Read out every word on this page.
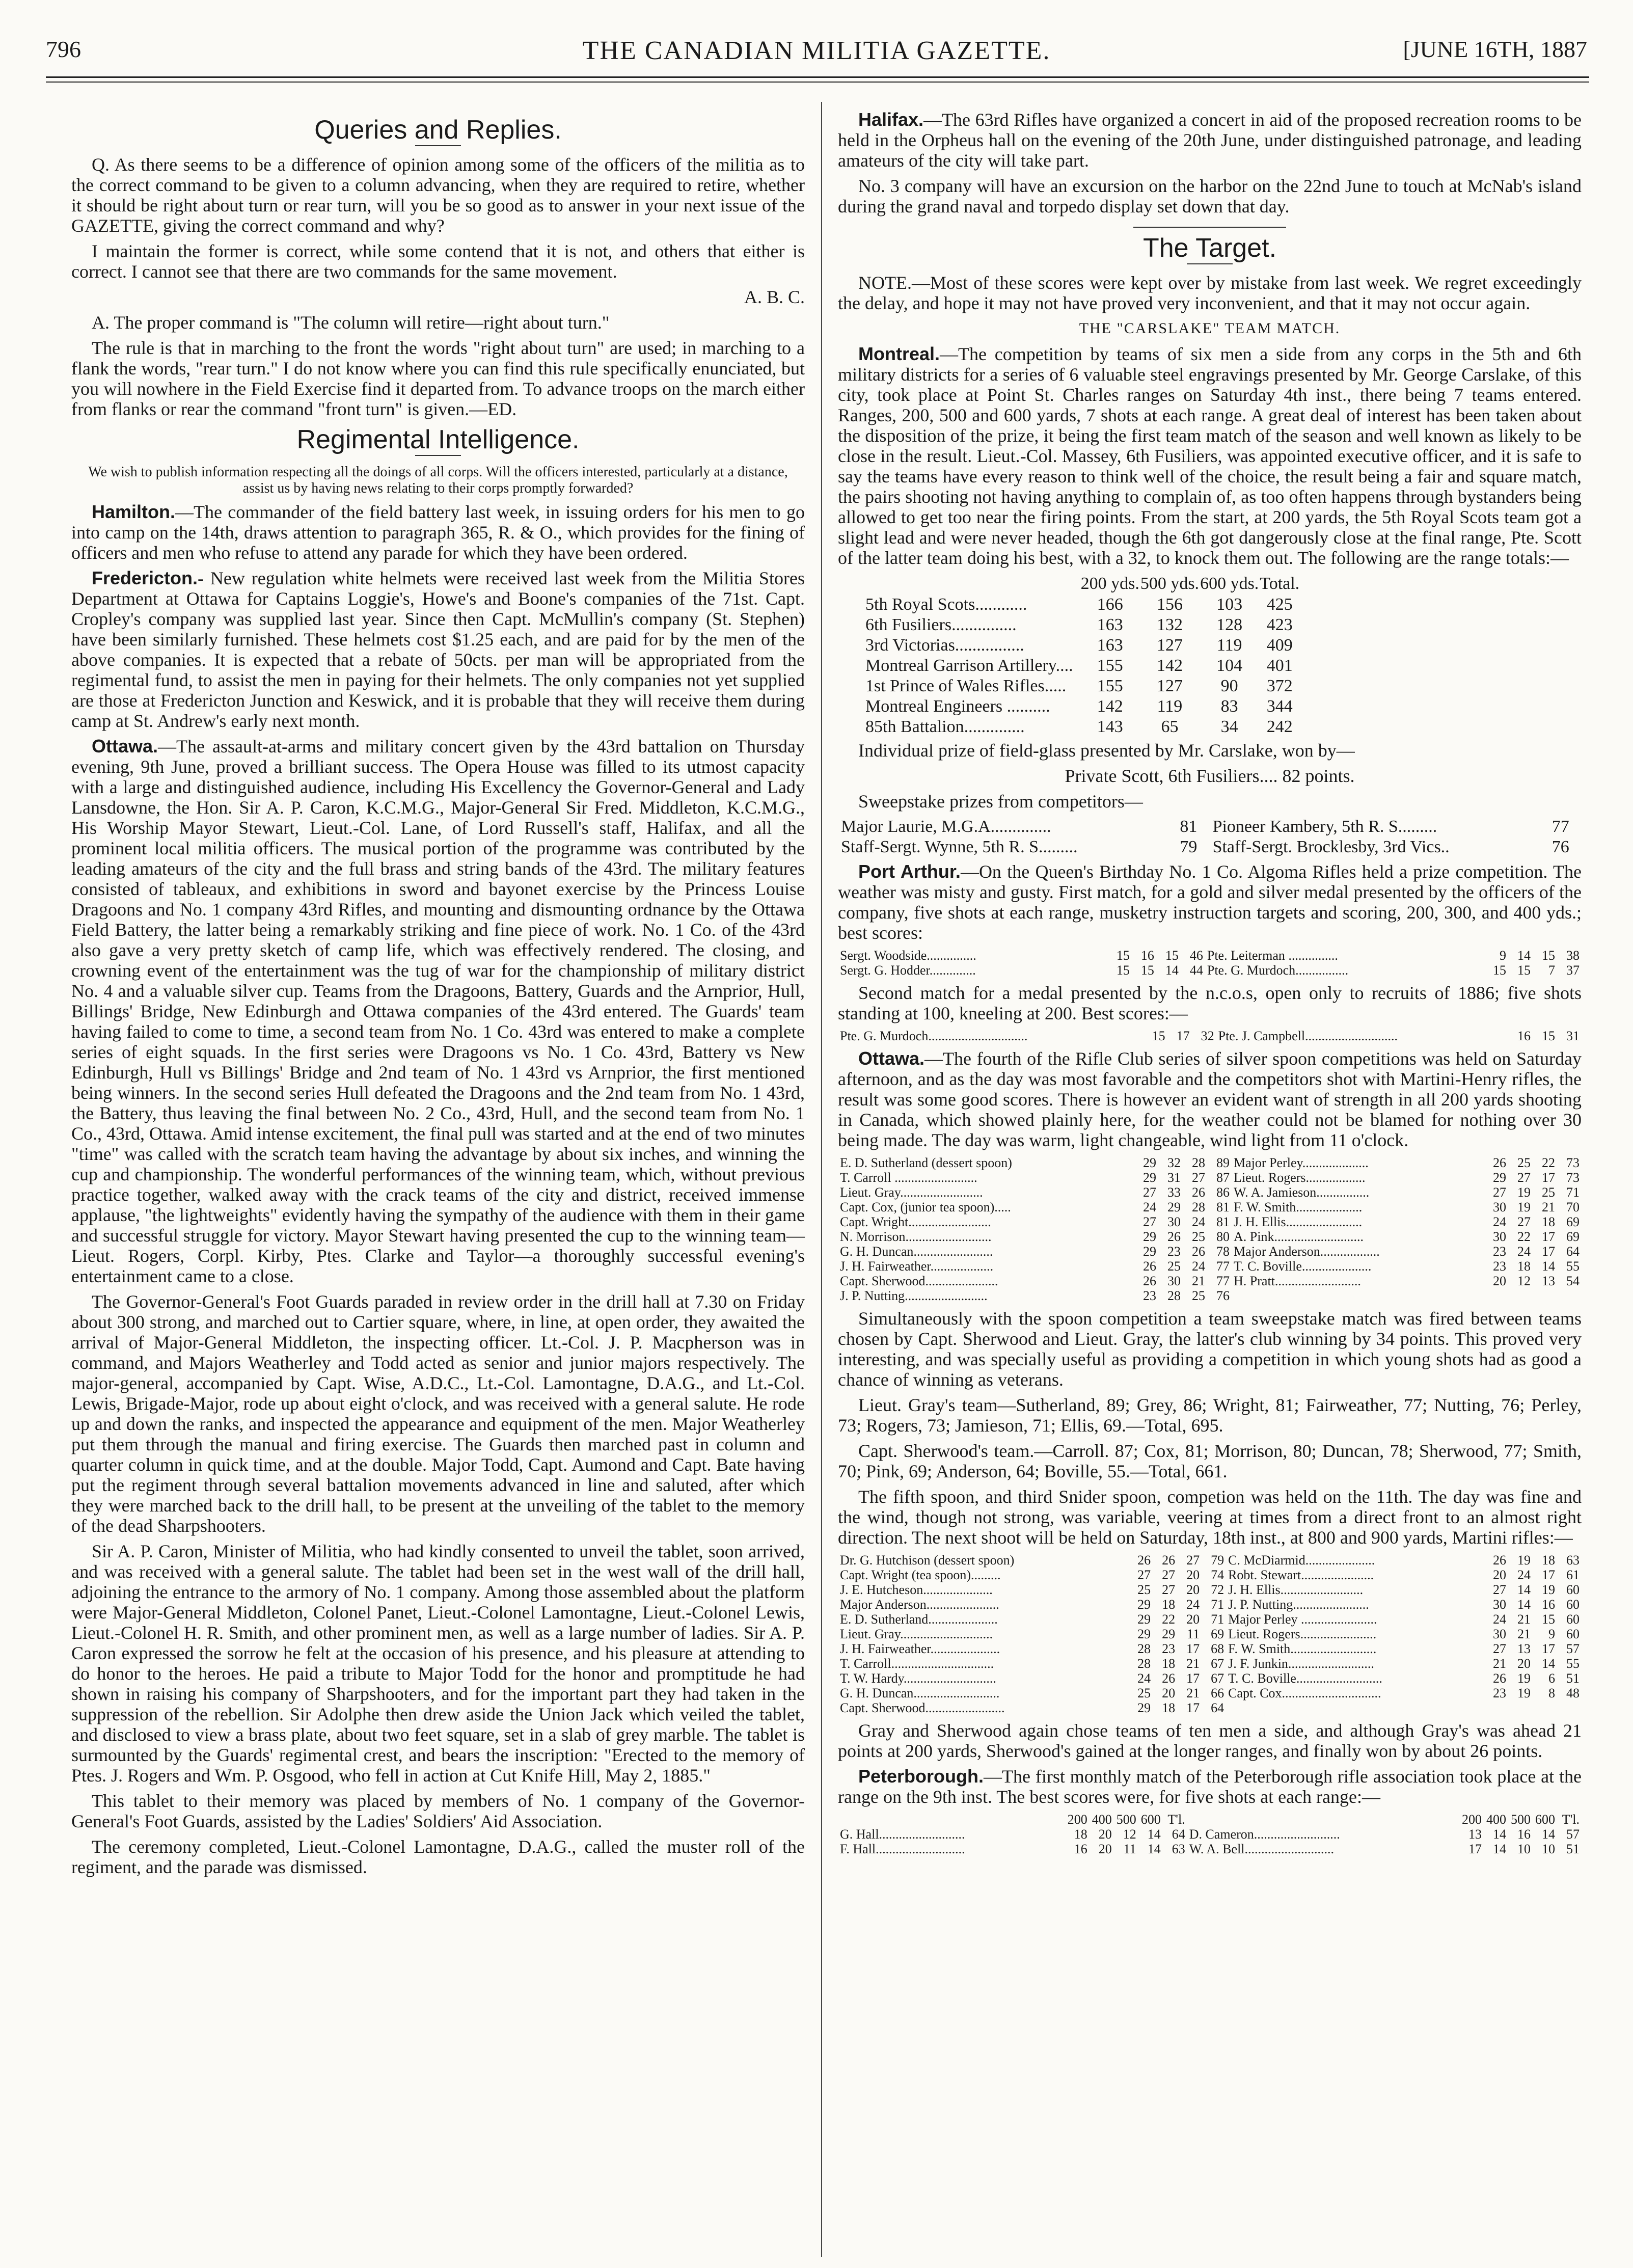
796	THE CANADIAN MILITIA GAZETTE.	[JUNE 16TH, 1887
Queries and Replies.

Q. As there seems to be a difference of opinion among some of the officers of the militia as to the correct command to be given to a column advancing, when they are required to retire, whether it should be right about turn or rear turn, will you be so good as to answer in your next issue of the GAZETTE, giving the correct command and why?

I maintain the former is correct, while some contend that it is not, and others that either is correct. I cannot see that there are two commands for the same movement.

A. B. C.

A. The proper command is "The column will retire—right about turn."

The rule is that in marching to the front the words "right about turn" are used; in marching to a flank the words, "rear turn." I do not know where you can find this rule specifically enunciated, but you will nowhere in the Field Exercise find it departed from. To advance troops on the march either from flanks or rear the command "front turn" is given.—ED.

Regimental Intelligence.

We wish to publish information respecting all the doings of all corps. Will the officers interested, particularly at a distance, assist us by having news relating to their corps promptly forwarded?

Hamilton.—The commander of the field battery last week, in issuing orders for his men to go into camp on the 14th, draws attention to paragraph 365, R. & O., which provides for the fining of officers and men who refuse to attend any parade for which they have been ordered.

Fredericton.- New regulation white helmets were received last week from the Militia Stores Department at Ottawa for Captains Loggie's, Howe's and Boone's companies of the 71st. Capt. Cropley's company was supplied last year. Since then Capt. McMullin's company (St. Stephen) have been similarly furnished. These helmets cost $1.25 each, and are paid for by the men of the above companies. It is expected that a rebate of 50cts. per man will be appropriated from the regimental fund, to assist the men in paying for their helmets. The only companies not yet supplied are those at Fredericton Junction and Keswick, and it is probable that they will receive them during camp at St. Andrew's early next month.

Ottawa.—The assault-at-arms and military concert given by the 43rd battalion on Thursday evening, 9th June, proved a brilliant success. The Opera House was filled to its utmost capacity with a large and distinguished audience, including His Excellency the Governor-General and Lady Lansdowne, the Hon. Sir A. P. Caron, K.C.M.G., Major-General Sir Fred. Middleton, K.C.M.G., His Worship Mayor Stewart, Lieut.-Col. Lane, of Lord Russell's staff, Halifax, and all the prominent local militia officers. The musical portion of the programme was contributed by the leading amateurs of the city and the full brass and string bands of the 43rd. The military features consisted of tableaux, and exhibitions in sword and bayonet exercise by the Princess Louise Dragoons and No. 1 company 43rd Rifles, and mounting and dismounting ordnance by the Ottawa Field Battery, the latter being a remarkably striking and fine piece of work. No. 1 Co. of the 43rd also gave a very pretty sketch of camp life, which was effectively rendered. The closing, and crowning event of the entertainment was the tug of war for the championship of military district No. 4 and a valuable silver cup. Teams from the Dragoons, Battery, Guards and the Arnprior, Hull, Billings' Bridge, New Edinburgh and Ottawa companies of the 43rd entered. The Guards' team having failed to come to time, a second team from No. 1 Co. 43rd was entered to make a complete series of eight squads. In the first series were Dragoons vs No. 1 Co. 43rd, Battery vs New Edinburgh, Hull vs Billings' Bridge and 2nd team of No. 1 43rd vs Arnprior, the first mentioned being winners. In the second series Hull defeated the Dragoons and the 2nd team from No. 1 43rd, the Battery, thus leaving the final between No. 2 Co., 43rd, Hull, and the second team from No. 1 Co., 43rd, Ottawa. Amid intense excitement, the final pull was started and at the end of two minutes "time" was called with the scratch team having the advantage by about six inches, and winning the cup and championship. The wonderful performances of the winning team, which, without previous practice together, walked away with the crack teams of the city and district, received immense applause, "the lightweights" evidently having the sympathy of the audience with them in their game and successful struggle for victory. Mayor Stewart having presented the cup to the winning team—Lieut. Rogers, Corpl. Kirby, Ptes. Clarke and Taylor—a thoroughly successful evening's entertainment came to a close.

The Governor-General's Foot Guards paraded in review order in the drill hall at 7.30 on Friday about 300 strong, and marched out to Cartier square, where, in line, at open order, they awaited the arrival of Major-General Middleton, the inspecting officer. Lt.-Col. J. P. Macpherson was in command, and Majors Weatherley and Todd acted as senior and junior majors respectively. The major-general, accompanied by Capt. Wise, A.D.C., Lt.-Col. Lamontagne, D.A.G., and Lt.-Col. Lewis, Brigade-Major, rode up about eight o'clock, and was received with a general salute. He rode up and down the ranks, and inspected the appearance and equipment of the men. Major Weatherley put them through the manual and firing exercise. The Guards then marched past in column and quarter column in quick time, and at the double. Major Todd, Capt. Aumond and Capt. Bate having put the regiment through several battalion movements advanced in line and saluted, after which they were marched back to the drill hall, to be present at the unveiling of the tablet to the memory of the dead Sharpshooters.

Sir A. P. Caron, Minister of Militia, who had kindly consented to unveil the tablet, soon arrived, and was received with a general salute. The tablet had been set in the west wall of the drill hall, adjoining the entrance to the armory of No. 1 company. Among those assembled about the platform were Major-General Middleton, Colonel Panet, Lieut.-Colonel Lamontagne, Lieut.-Colonel Lewis, Lieut.-Colonel H. R. Smith, and other prominent men, as well as a large number of ladies. Sir A. P. Caron expressed the sorrow he felt at the occasion of his presence, and his pleasure at attending to do honor to the heroes. He paid a tribute to Major Todd for the honor and promptitude he had shown in raising his company of Sharpshooters, and for the important part they had taken in the suppression of the rebellion. Sir Adolphe then drew aside the Union Jack which veiled the tablet, and disclosed to view a brass plate, about two feet square, set in a slab of grey marble. The tablet is surmounted by the Guards' regimental crest, and bears the inscription: "Erected to the memory of Ptes. J. Rogers and Wm. P. Osgood, who fell in action at Cut Knife Hill, May 2, 1885."

This tablet to their memory was placed by members of No. 1 company of the Governor-General's Foot Guards, assisted by the Ladies' Soldiers' Aid Association.

The ceremony completed, Lieut.-Colonel Lamontagne, D.A.G., called the muster roll of the regiment, and the parade was dismissed.

Halifax.—The 63rd Rifles have organized a concert in aid of the proposed recreation rooms to be held in the Orpheus hall on the evening of the 20th June, under distinguished patronage, and leading amateurs of the city will take part.

No. 3 company will have an excursion on the harbor on the 22nd June to touch at McNab's island during the grand naval and torpedo display set down that day.

The Target.

NOTE.—Most of these scores were kept over by mistake from last week. We regret exceedingly the delay, and hope it may not have proved very inconvenient, and that it may not occur again.

THE "CARSLAKE" TEAM MATCH.

Montreal.—The competition by teams of six men a side from any corps in the 5th and 6th military districts for a series of 6 valuable steel engravings presented by Mr. George Carslake, of this city, took place at Point St. Charles ranges on Saturday 4th inst., there being 7 teams entered. Ranges, 200, 500 and 600 yards, 7 shots at each range. A great deal of interest has been taken about the disposition of the prize, it being the first team match of the season and well known as likely to be close in the result. Lieut.-Col. Massey, 6th Fusiliers, was appointed executive officer, and it is safe to say the teams have every reason to think well of the choice, the result being a fair and square match, the pairs shooting not having anything to complain of, as too often happens through bystanders being allowed to get too near the firing points. From the start, at 200 yards, the 5th Royal Scots team got a slight lead and were never headed, though the 6th got dangerously close at the final range, Pte. Scott of the latter team doing his best, with a 32, to knock them out. The following are the range totals:—

	200 yds.	500 yds.	600 yds.	Total.
5th Royal Scots............	166	156	103	425
6th Fusiliers...............	163	132	128	423
3rd Victorias................	163	127	119	409
Montreal Garrison Artillery....	155	142	104	401
1st Prince of Wales Rifles.....	155	127	90	372
Montreal Engineers ..........	142	119	83	344
85th Battalion..............	143	65	34	242

Individual prize of field-glass presented by Mr. Carslake, won by—

Private Scott, 6th Fusiliers.... 82 points.

Sweepstake prizes from competitors—

Major Laurie, M.G.A..............	81	Pioneer Kambery, 5th R. S.........	77
Staff-Sergt. Wynne, 5th R. S.........	79	Staff-Sergt. Brocklesby, 3rd Vics..	76

Port Arthur.—On the Queen's Birthday No. 1 Co. Algoma Rifles held a prize competition. The weather was misty and gusty. First match, for a gold and silver medal presented by the officers of the company, five shots at each range, musketry instruction targets and scoring, 200, 300, and 400 yds.; best scores:

Sergt. Woodside...............	15	16	15	46	Pte. Leiterman ...............	9	14	15	38
Sergt. G. Hodder..............	15	15	14	44	Pte. G. Murdoch................	15	15	7	37

Second match for a medal presented by the n.c.o.s, open only to recruits of 1886; five shots standing at 100, kneeling at 200. Best scores:—

Pte. G. Murdoch..............................	15	17	32	Pte. J. Campbell............................	16	15	31

Ottawa.—The fourth of the Rifle Club series of silver spoon competitions was held on Saturday afternoon, and as the day was most favorable and the competitors shot with Martini-Henry rifles, the result was some good scores. There is however an evident want of strength in all 200 yards shooting in Canada, which showed plainly here, for the weather could not be blamed for nothing over 30 being made. The day was warm, light changeable, wind light from 11 o'clock.

E. D. Sutherland (dessert spoon)	29	32	28	89	Major Perley....................	26	25	22	73
T. Carroll .........................	29	31	27	87	Lieut. Rogers..................	29	27	17	73
Lieut. Gray.........................	27	33	26	86	W. A. Jamieson................	27	19	25	71
Capt. Cox, (junior tea spoon).....	24	29	28	81	F. W. Smith....................	30	19	21	70
Capt. Wright.........................	27	30	24	81	J. H. Ellis.......................	24	27	18	69
N. Morrison..........................	29	26	25	80	A. Pink...........................	30	22	17	69
G. H. Duncan........................	29	23	26	78	Major Anderson..................	23	24	17	64
J. H. Fairweather...................	26	25	24	77	T. C. Boville.....................	23	18	14	55
Capt. Sherwood......................	26	30	21	77	H. Pratt..........................	20	12	13	54
J. P. Nutting.........................	23	28	25	76					

Simultaneously with the spoon competition a team sweepstake match was fired between teams chosen by Capt. Sherwood and Lieut. Gray, the latter's club winning by 34 points. This proved very interesting, and was specially useful as providing a competition in which young shots had as good a chance of winning as veterans.

Lieut. Gray's team—Sutherland, 89; Grey, 86; Wright, 81; Fairweather, 77; Nutting, 76; Perley, 73; Rogers, 73; Jamieson, 71; Ellis, 69.—Total, 695.

Capt. Sherwood's team.—Carroll. 87; Cox, 81; Morrison, 80; Duncan, 78; Sherwood, 77; Smith, 70; Pink, 69; Anderson, 64; Boville, 55.—Total, 661.

The fifth spoon, and third Snider spoon, competion was held on the 11th. The day was fine and the wind, though not strong, was variable, veering at times from a direct front to an almost right direction. The next shoot will be held on Saturday, 18th inst., at 800 and 900 yards, Martini rifles:—

Dr. G. Hutchison (dessert spoon)	26	26	27	79	C. McDiarmid.....................	26	19	18	63
Capt. Wright (tea spoon).........	27	27	20	74	Robt. Stewart......................	20	24	17	61
J. E. Hutcheson.....................	25	27	20	72	J. H. Ellis.........................	27	14	19	60
Major Anderson......................	29	18	24	71	J. P. Nutting.......................	30	14	16	60
E. D. Sutherland.....................	29	22	20	71	Major Perley .......................	24	21	15	60
Lieut. Gray............................	29	29	11	69	Lieut. Rogers.......................	30	21	9	60
J. H. Fairweather.....................	28	23	17	68	F. W. Smith..........................	27	13	17	57
T. Carroll...............................	28	18	21	67	J. F. Junkin..........................	21	20	14	55
T. W. Hardy............................	24	26	17	67	T. C. Boville..........................	26	19	6	51
G. H. Duncan..........................	25	20	21	66	Capt. Cox..............................	23	19	8	48
Capt. Sherwood........................	29	18	17	64					

Gray and Sherwood again chose teams of ten men a side, and although Gray's was ahead 21 points at 200 yards, Sherwood's gained at the longer ranges, and finally won by about 26 points.

Peterborough.—The first monthly match of the Peterborough rifle association took place at the range on the 9th inst. The best scores were, for five shots at each range:—

	200	400	500	600	T'l.		200	400	500	600	T'l.
G. Hall..........................	18	20	12	14	64	D. Cameron..........................	13	14	16	14	57
F. Hall...........................	16	20	11	14	63	W. A. Bell...........................	17	14	10	10	51
